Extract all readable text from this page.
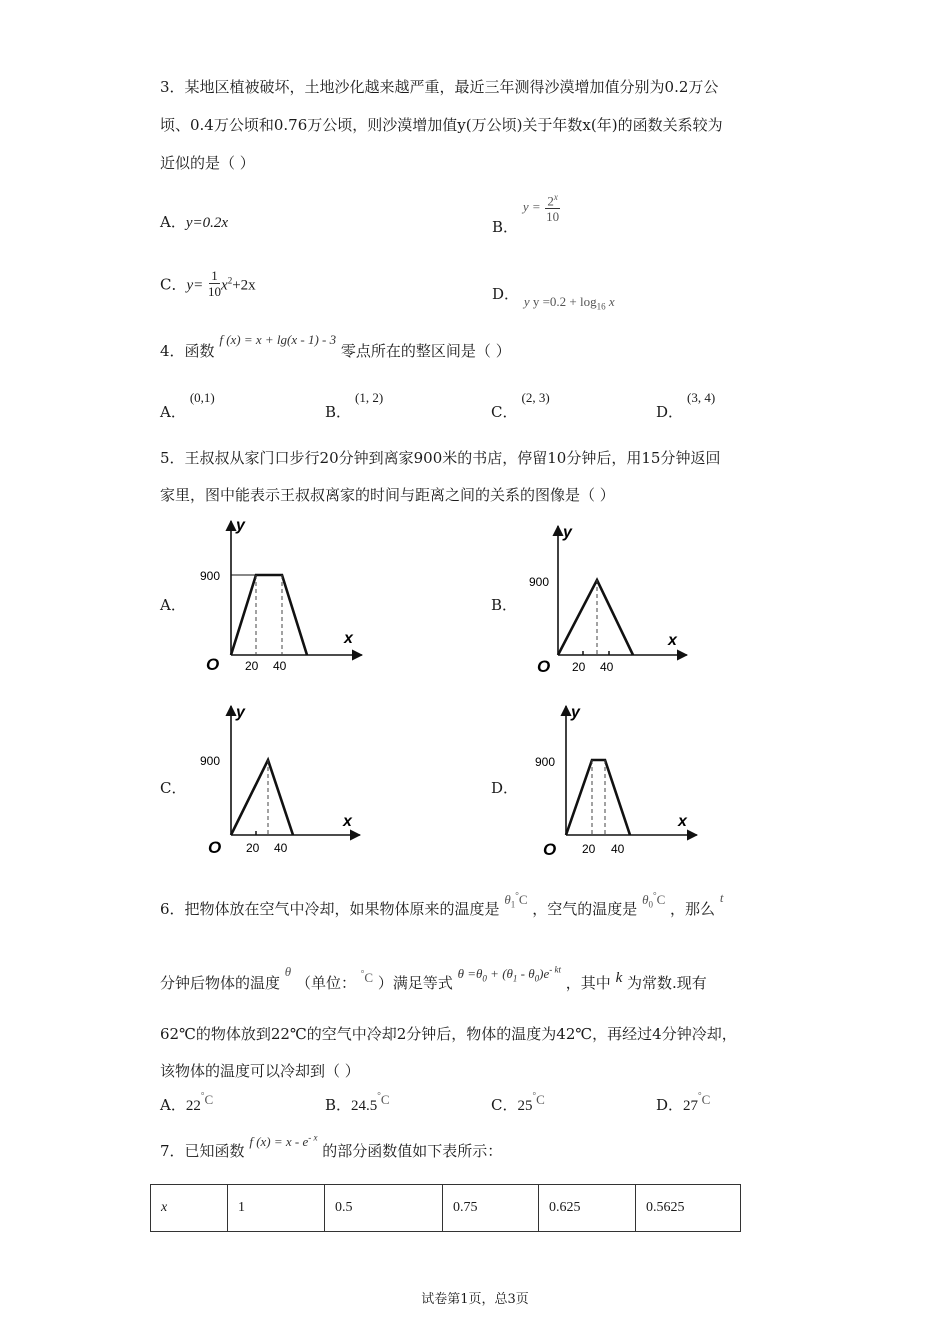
3．某地区植被破坏，土地沙化越来越严重，最近三年测得沙漠增加值分别为0.2万公
顷、0.4万公顷和0.76万公顷，则沙漠增加值y(万公顷)关于年数x(年)的函数关系较为
近似的是（ ）
A．y=0.2x	B． $y = \frac{2^x}{10}$
C．$y= \frac{1}{10} x^2+2x$	D． y $y =0.2 + \log_{16} x$
4．函数 f (x) = x + lg(x - 1) - 3 零点所在的整区间是（ ）
A．(0,1)
B．(1, 2)
C．(2, 3)
D．(3, 4)
5．王叔叔从家门口步行20分钟到离家900米的书店，停留10分钟后，用15分钟返回
家里，图中能表示王叔叔离家的时间与距离之间的关系的图像是（ ）
A．
y
x
O
900
20 40
B．
y
x
O
900
20 40
C．
y
x
O
900
20 40
D．
y
x
O
900
20 40
6．把物体放在空气中冷却，如果物体原来的温度是 $\theta_1^\circ C$ ，空气的温度是 $\theta_0^\circ C$ ，那么 t
分钟后物体的温度 θ （单位： °C ）满足等式 $\theta =\theta_0 + (\theta_1 - \theta_0)e^{- kt}$ ，其中 k 为常数.现有
62℃的物体放到22℃的空气中冷却2分钟后，物体的温度为42℃，再经过4分钟冷却，
该物体的温度可以冷却到（ ）
A．22°C	B．24.5°C	C．25°C	D．27°C
7．已知函数 f $(x) = x - e^{- x}$ 的部分函数值如下表所示：
x	1	0.5	0.75	0.625	0.5625
试卷第1页，总3页
